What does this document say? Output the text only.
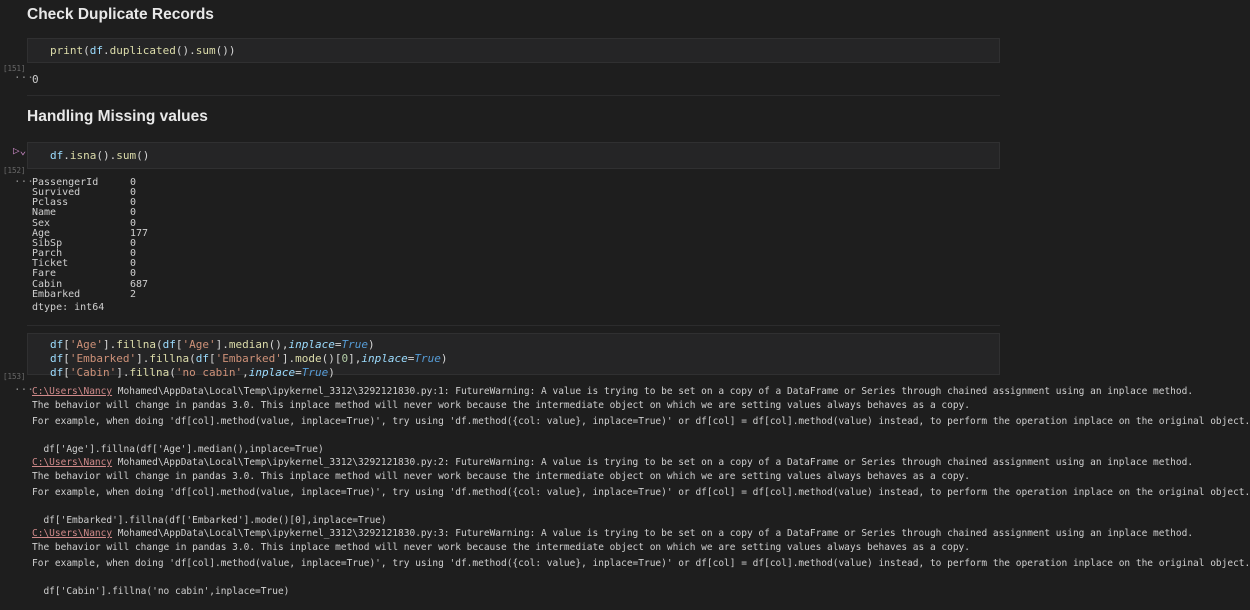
Check Duplicate Records
print(df.duplicated().sum())
[151]
···
0
Handling Missing values
▷⌄	df.isna().sum()
[152]
···
PassengerId	0
Survived	0
Pclass	0
Name	0
Sex	0
Age	177
SibSp	0
Parch	0
Ticket	0
Fare	0
Cabin	687
Embarked	2
dtype: int64
df['Age'].fillna(df['Age'].median(),inplace=True)
df['Embarked'].fillna(df['Embarked'].mode()[0],inplace=True)
df['Cabin'].fillna('no cabin',inplace=True)
[153]
···
C:\Users\Nancy Mohamed\AppData\Local\Temp\ipykernel_3312\3292121830.py:1: FutureWarning: A value is trying to be set on a copy of a DataFrame or Series through chained assignment using an inplace method.
The behavior will change in pandas 3.0. This inplace method will never work because the intermediate object on which we are setting values always behaves as a copy.
For example, when doing 'df[col].method(value, inplace=True)', try using 'df.method({col: value}, inplace=True)' or df[col] = df[col].method(value) instead, to perform the operation inplace on the original object.
df['Age'].fillna(df['Age'].median(),inplace=True)
C:\Users\Nancy Mohamed\AppData\Local\Temp\ipykernel_3312\3292121830.py:2: FutureWarning: A value is trying to be set on a copy of a DataFrame or Series through chained assignment using an inplace method.
The behavior will change in pandas 3.0. This inplace method will never work because the intermediate object on which we are setting values always behaves as a copy.
For example, when doing 'df[col].method(value, inplace=True)', try using 'df.method({col: value}, inplace=True)' or df[col] = df[col].method(value) instead, to perform the operation inplace on the original object.
df['Embarked'].fillna(df['Embarked'].mode()[0],inplace=True)
C:\Users\Nancy Mohamed\AppData\Local\Temp\ipykernel_3312\3292121830.py:3: FutureWarning: A value is trying to be set on a copy of a DataFrame or Series through chained assignment using an inplace method.
The behavior will change in pandas 3.0. This inplace method will never work because the intermediate object on which we are setting values always behaves as a copy.
For example, when doing 'df[col].method(value, inplace=True)', try using 'df.method({col: value}, inplace=True)' or df[col] = df[col].method(value) instead, to perform the operation inplace on the original object.
df['Cabin'].fillna('no cabin',inplace=True)
